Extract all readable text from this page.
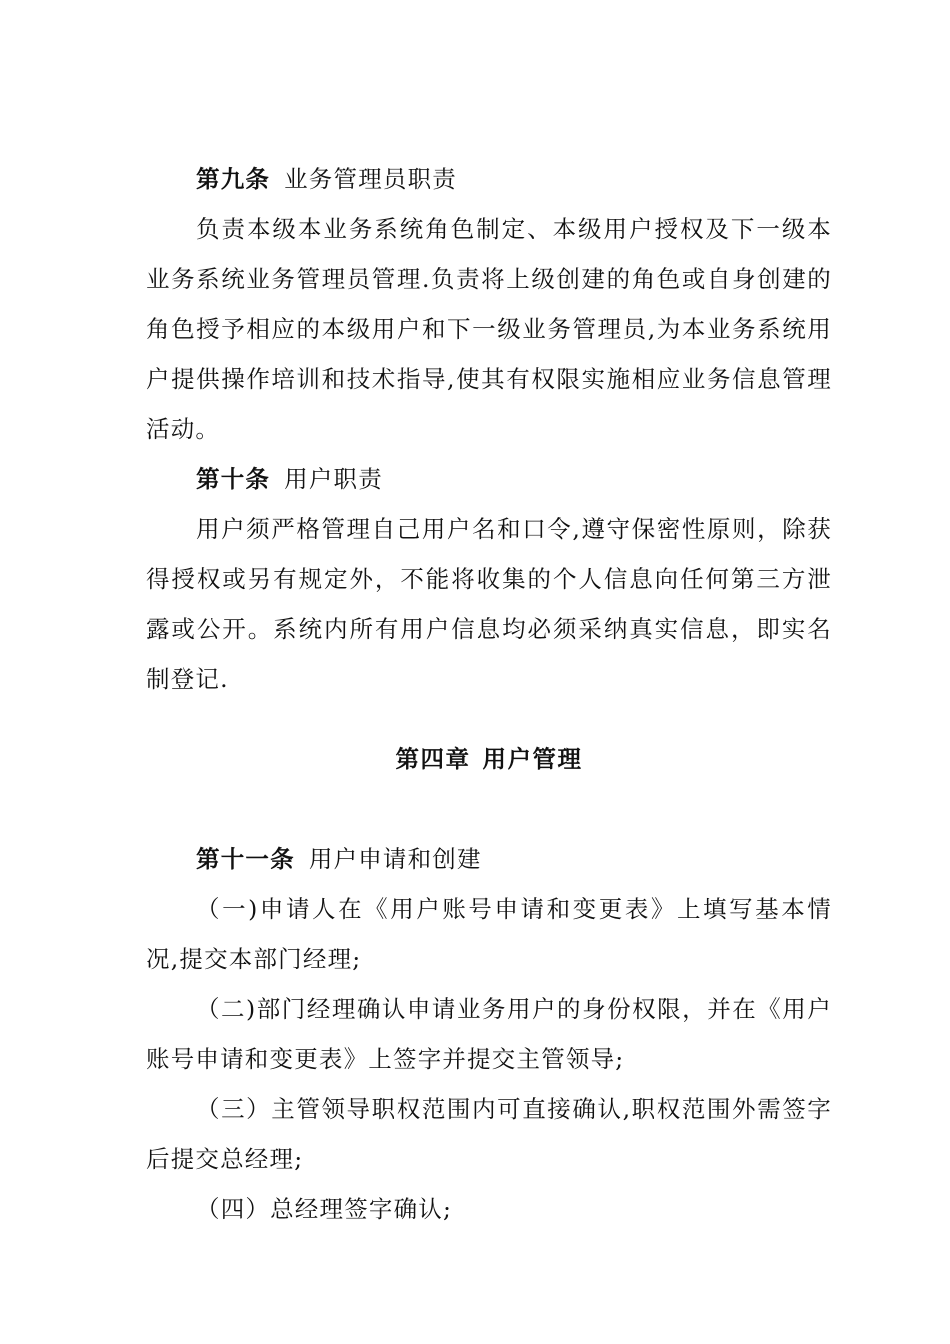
第九条 业务管理员职责

负责本级本业务系统角色制定、本级用户授权及下一级本业务系统业务管理员管理.负责将上级创建的角色或自身创建的角色授予相应的本级用户和下一级业务管理员,为本业务系统用户提供操作培训和技术指导,使其有权限实施相应业务信息管理活动。

第十条 用户职责

用户须严格管理自己用户名和口令,遵守保密性原则，除获得授权或另有规定外，不能将收集的个人信息向任何第三方泄露或公开。系统内所有用户信息均必须采纳真实信息，即实名制登记.

第四章 用户管理

第十一条 用户申请和创建

（一)申请人在《用户账号申请和变更表》上填写基本情况,提交本部门经理;

（二)部门经理确认申请业务用户的身份权限，并在《用户账号申请和变更表》上签字并提交主管领导;

（三）主管领导职权范围内可直接确认,职权范围外需签字后提交总经理;

（四）总经理签字确认;
